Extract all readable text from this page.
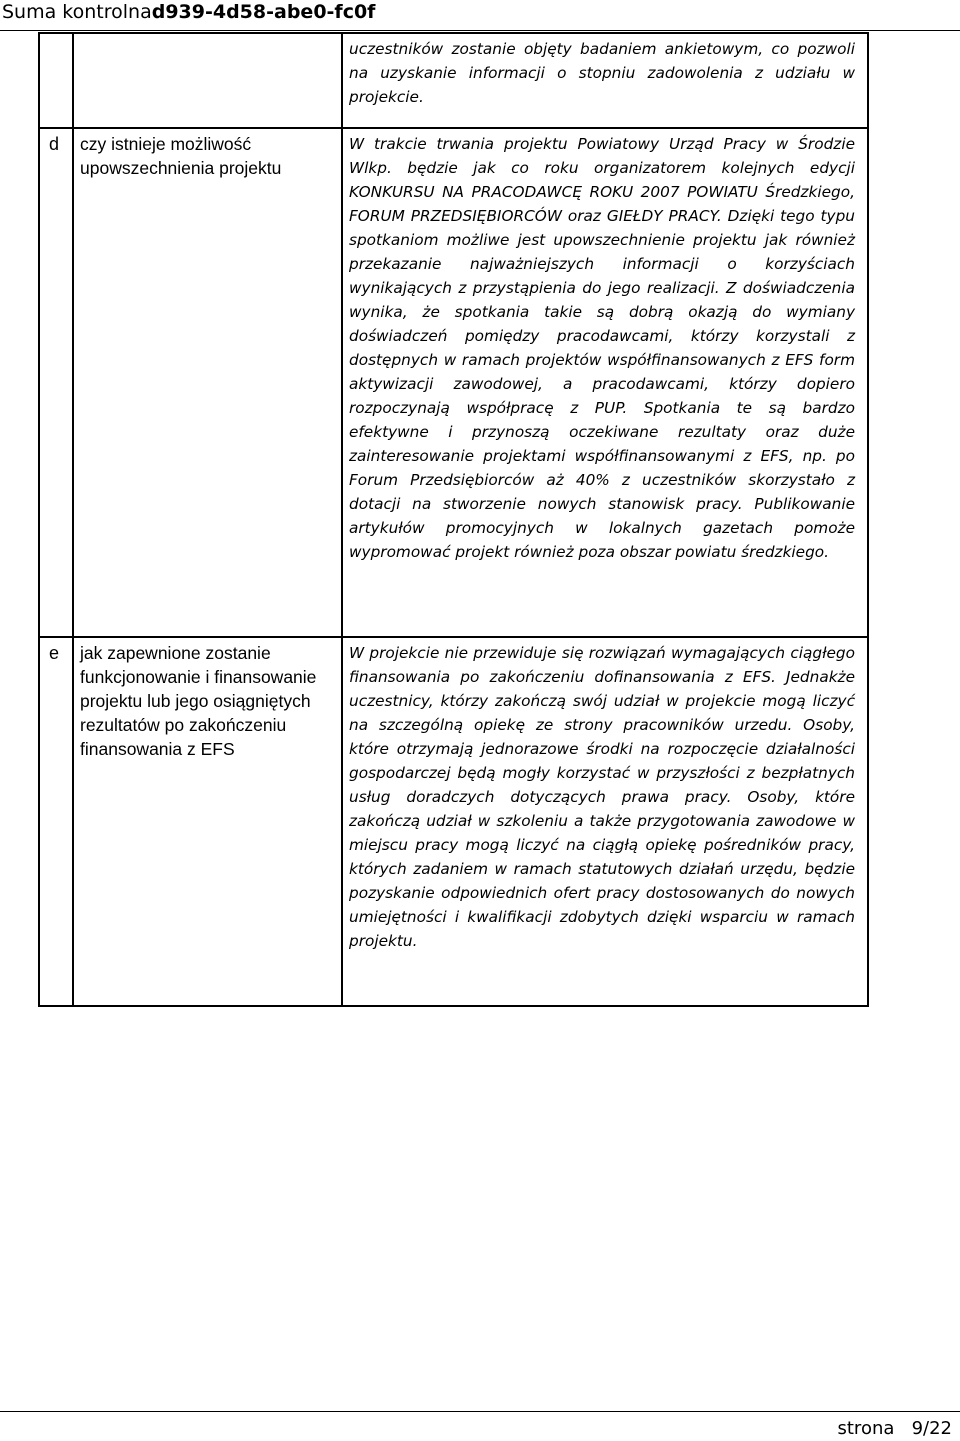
Suma kontrolnad939-4d58-abe0-fc0f

		uczestników zostanie objęty badaniem ankietowym, co pozwoli na uzyskanie informacji o stopniu zadowolenia z udziału w projekcie.

d	czy istnieje możliwość upowszechnienia projektu	W trakcie trwania projektu Powiatowy Urząd Pracy w Środzie Wlkp. będzie jak co roku organizatorem kolejnych edycji KONKURSU NA PRACODAWCĘ ROKU 2007 POWIATU Średzkiego, FORUM PRZEDSIĘBIORCÓW oraz GIEŁDY PRACY. Dzięki tego typu spotkaniom możliwe jest upowszechnienie projektu jak również przekazanie najważniejszych informacji o korzyściach wynikających z przystąpienia do jego realizacji. Z doświadczenia wynika, że spotkania takie są dobrą okazją do wymiany doświadczeń pomiędzy pracodawcami, którzy korzystali z dostępnych w ramach projektów współfinansowanych z EFS form aktywizacji zawodowej, a pracodawcami, którzy dopiero rozpoczynają współpracę z PUP. Spotkania te są bardzo efektywne i przynoszą oczekiwane rezultaty oraz duże zainteresowanie projektami współfinansowanymi z EFS, np. po Forum Przedsiębiorców aż 40% z uczestników skorzystało z dotacji na stworzenie nowych stanowisk pracy. Publikowanie artykułów promocyjnych w lokalnych gazetach pomoże wypromować projekt również poza obszar powiatu średzkiego.

e	jak zapewnione zostanie funkcjonowanie i finansowanie projektu lub jego osiągniętych rezultatów po zakończeniu finansowania z EFS	W projekcie nie przewiduje się rozwiązań wymagających ciągłego finansowania po zakończeniu dofinansowania z EFS. Jednakże uczestnicy, którzy zakończą swój udział w projekcie mogą liczyć na szczególną opiekę ze strony pracowników urzedu. Osoby, które otrzymają jednorazowe środki na rozpoczęcie działalności gospodarczej będą mogły korzystać w przyszłości z bezpłatnych usług doradczych dotyczących prawa pracy. Osoby, które zakończą udział w szkoleniu a także przygotowania zawodowe w miejscu pracy mogą liczyć na ciągłą opiekę pośredników pracy, których zadaniem w ramach statutowych działań urzędu, będzie pozyskanie odpowiednich ofert pracy dostosowanych do nowych umiejętności i kwalifikacji zdobytych dzięki wsparciu w ramach projektu.

strona 9/22
